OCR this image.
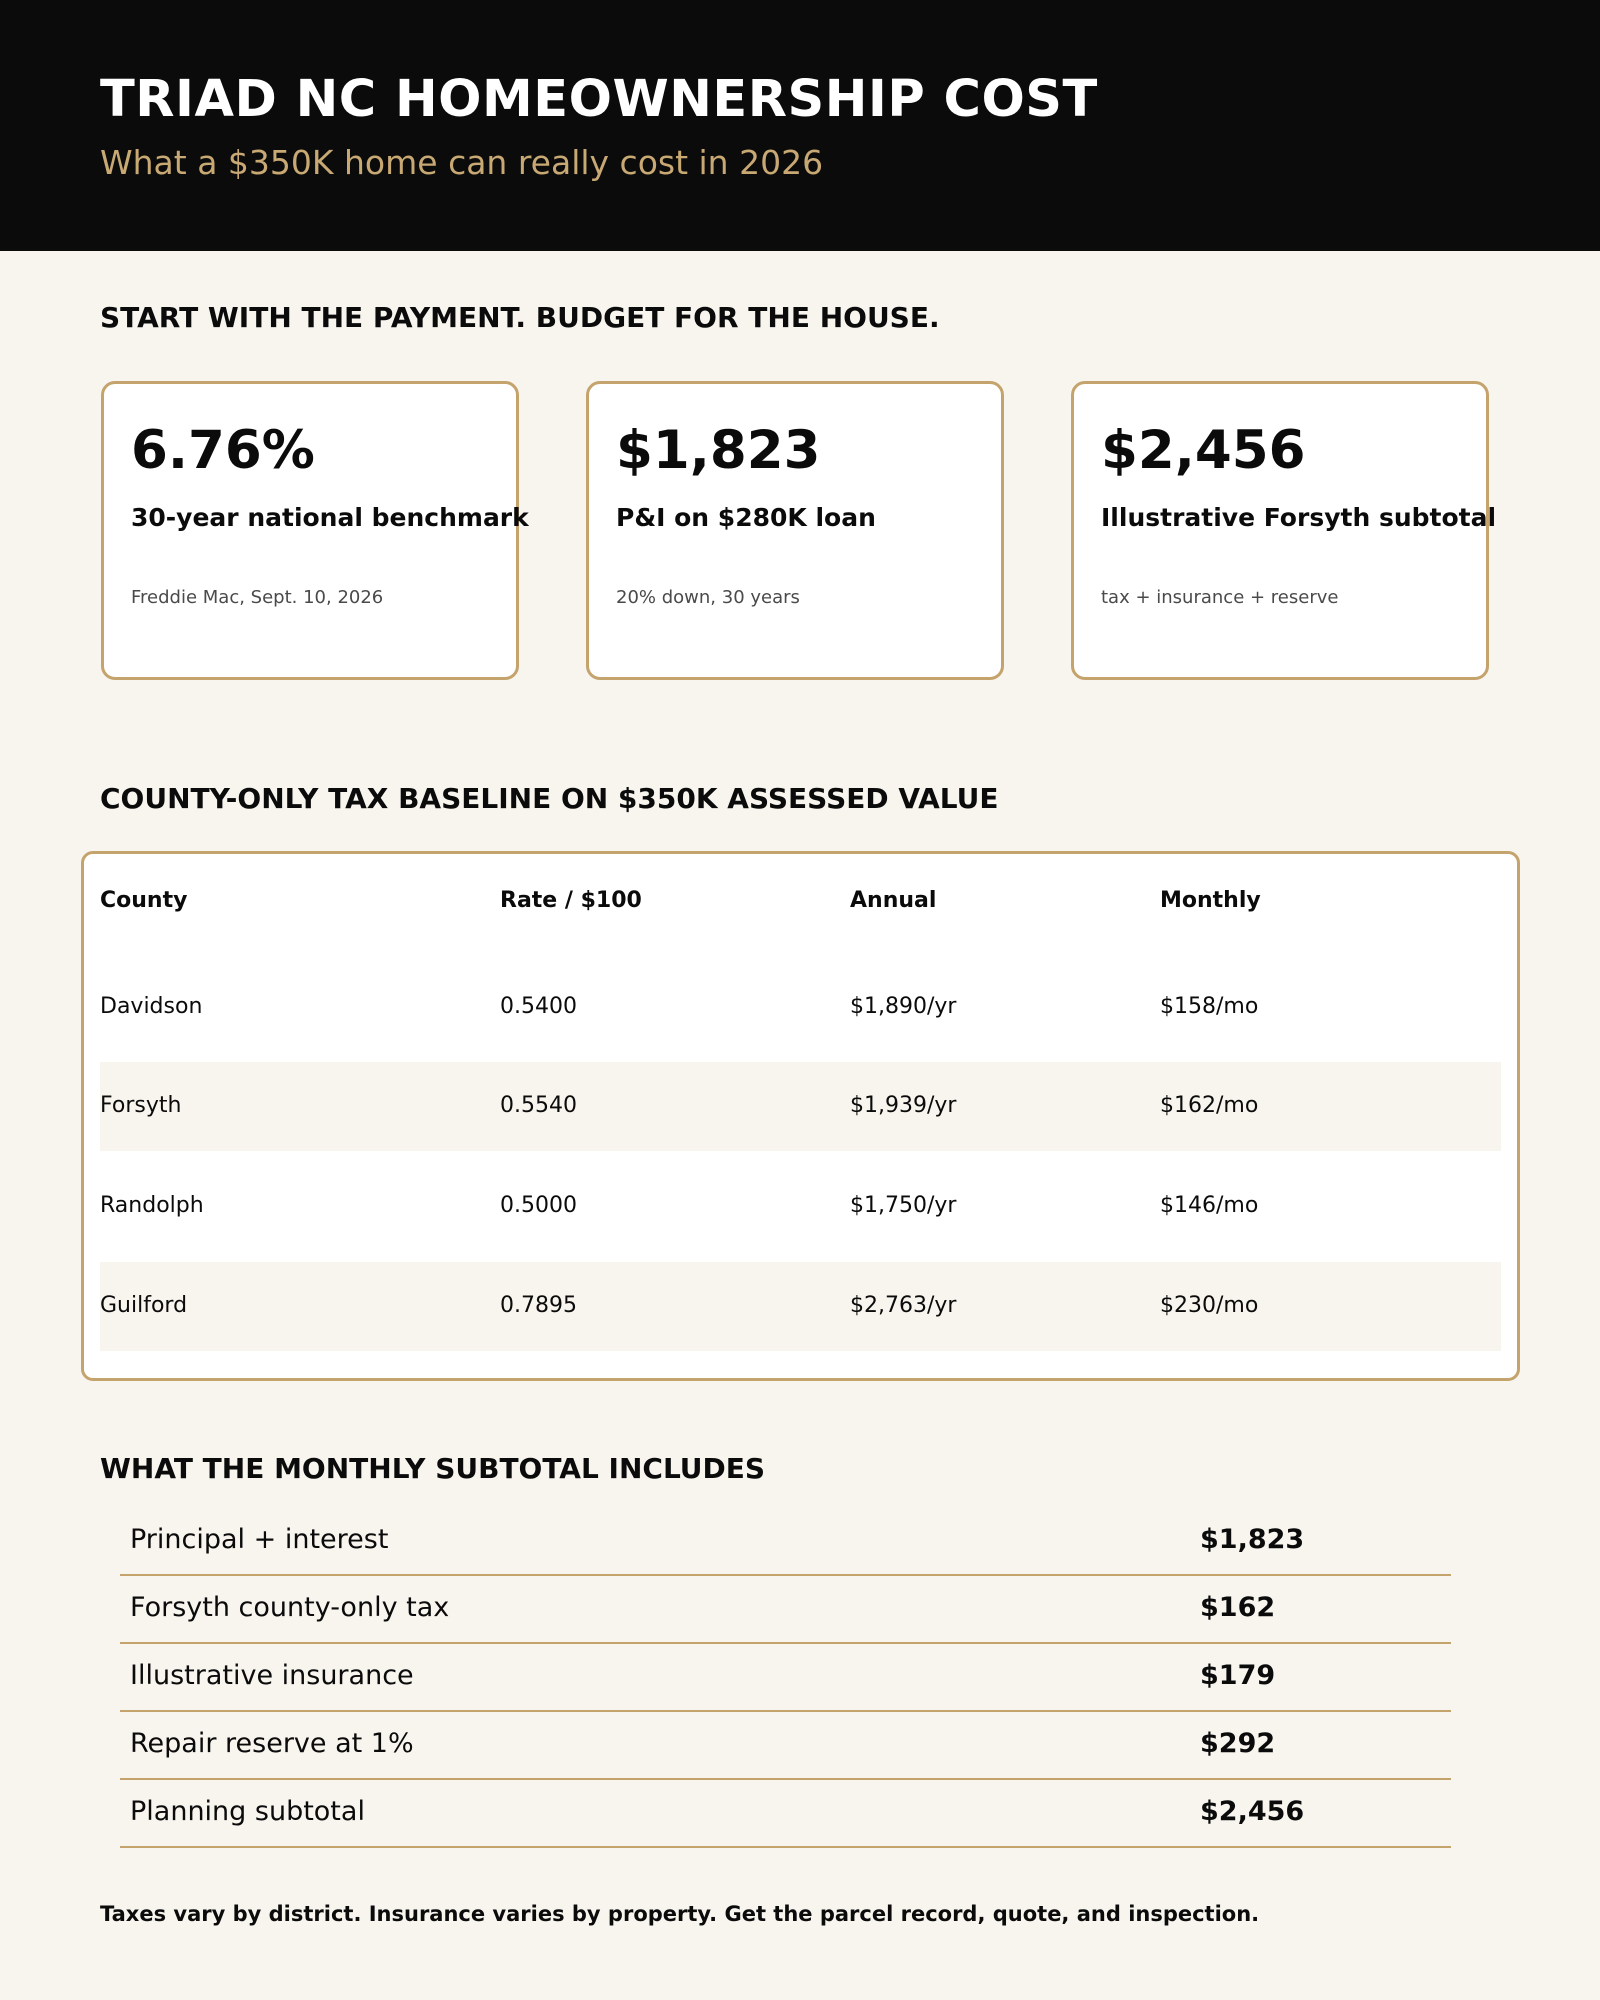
TRIAD NC HOMEOWNERSHIP COST
What a $350K home can really cost in 2026
START WITH THE PAYMENT. BUDGET FOR THE HOUSE.
6.76%
30-year national benchmark
Freddie Mac, Sept. 10, 2026
$1,823
P&I on $280K loan
20% down, 30 years
$2,456
Illustrative Forsyth subtotal
tax + insurance + reserve
COUNTY-ONLY TAX BASELINE ON $350K ASSESSED VALUE
County	Rate / $100	Annual	Monthly
Davidson	0.5400	$1,890/yr	$158/mo
Forsyth	0.5540	$1,939/yr	$162/mo
Randolph	0.5000	$1,750/yr	$146/mo
Guilford	0.7895	$2,763/yr	$230/mo
WHAT THE MONTHLY SUBTOTAL INCLUDES
Principal + interest	$1,823
Forsyth county-only tax	$162
Illustrative insurance	$179
Repair reserve at 1%	$292
Planning subtotal	$2,456
Taxes vary by district. Insurance varies by property. Get the parcel record, quote, and inspection.
